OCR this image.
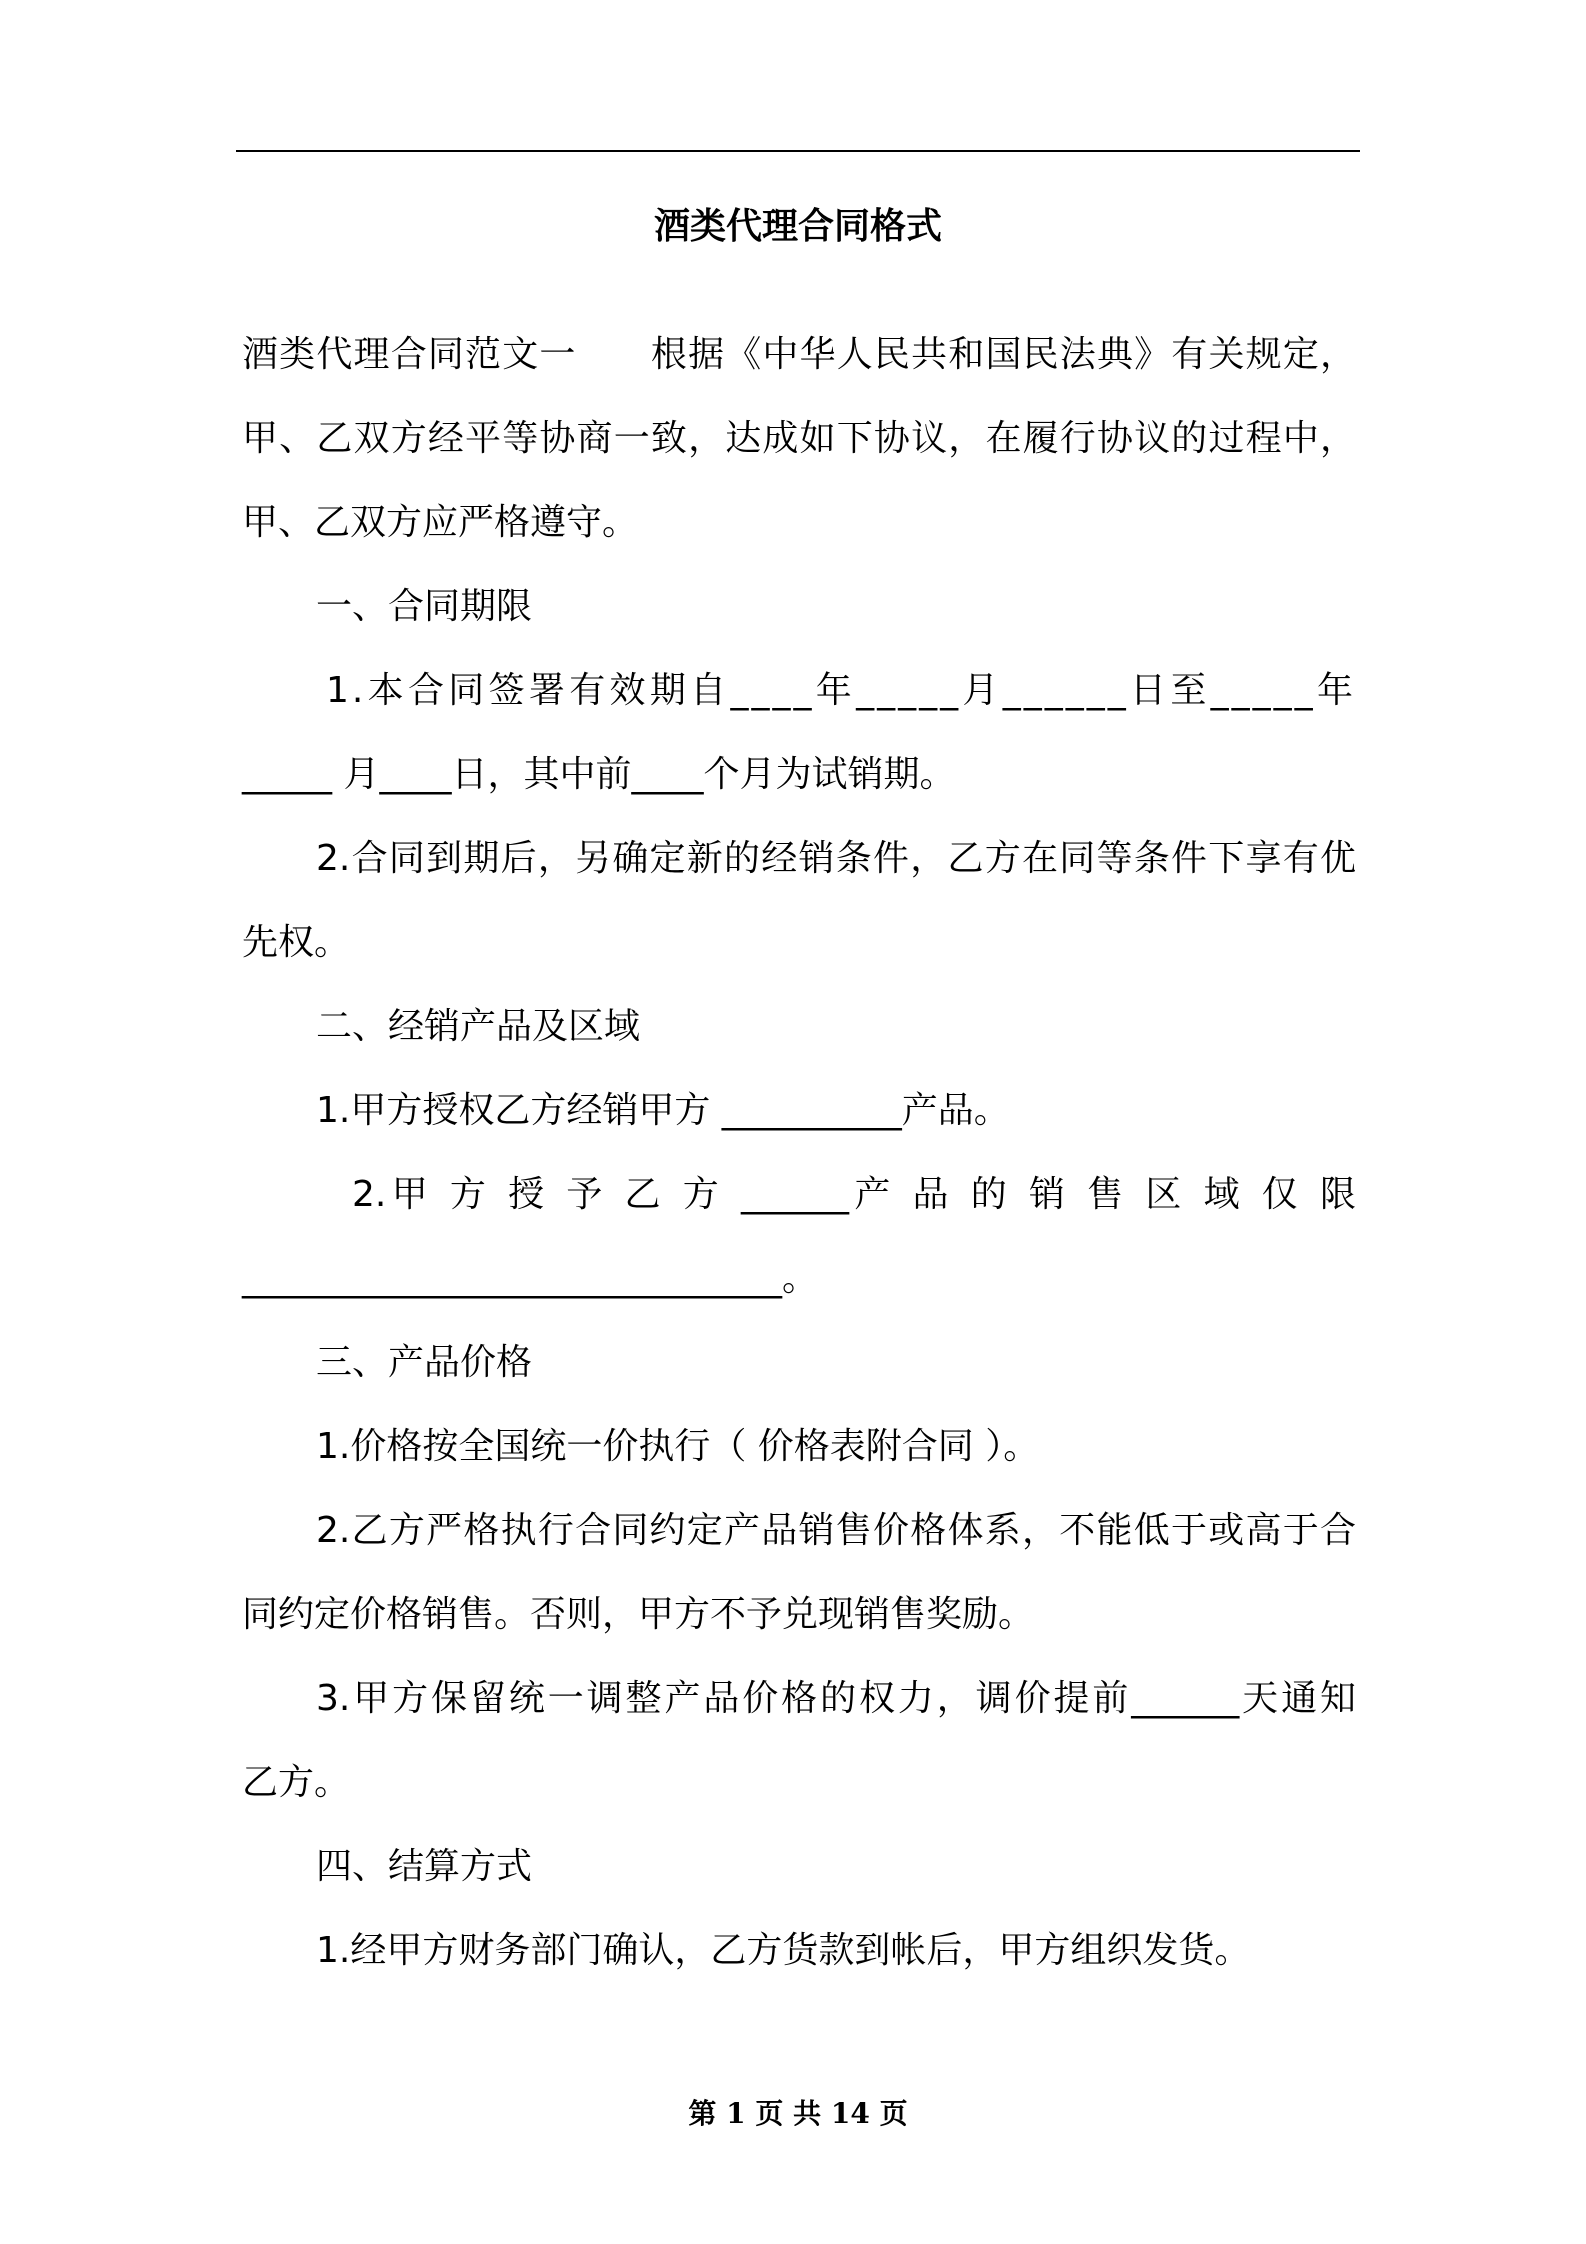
酒类代理合同格式
酒类代理合同范文一　　根据《中华人民共和国民法典》有关规定，
甲、乙双方经平等协商一致，达成如下协议，在履行协议的过程中，
甲、乙双方应严格遵守。
一、合同期限
1.本合同签署有效期自____年_____月______日至_____年
_____ 月____日，其中前____个月为试销期。
2.合同到期后，另确定新的经销条件，乙方在同等条件下享有优
先权。
二、经销产品及区域
1.甲方授权乙方经销甲方 __________产品。
2.甲 方 授 予 乙 方 ______产 品 的 销 售 区 域 仅 限
______________________________。
三、产品价格
1.价格按全国统一价执行（ 价格表附合同 ）。
2.乙方严格执行合同约定产品销售价格体系，不能低于或高于合
同约定价格销售。否则，甲方不予兑现销售奖励。
3.甲方保留统一调整产品价格的权力，调价提前______天通知
乙方。
四、结算方式
1.经甲方财务部门确认，乙方货款到帐后，甲方组织发货。
第 1 页 共 14 页
